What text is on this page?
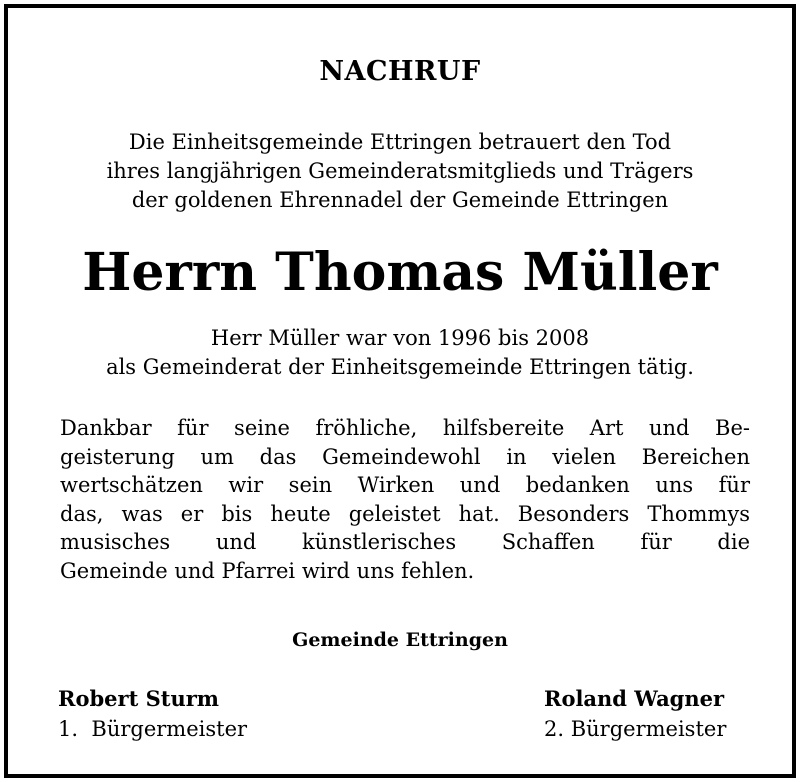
NACHRUF
Die Einheitsgemeinde Ettringen betrauert den Tod
ihres langjährigen Gemeinderatsmitglieds und Trägers
der goldenen Ehrennadel der Gemeinde Ettringen
Herrn Thomas Müller
Herr Müller war von 1996 bis 2008
als Gemeinderat der Einheitsgemeinde Ettringen tätig.
Dankbar für seine fröhliche, hilfsbereite Art und Be-
geisterung um das Gemeindewohl in vielen Bereichen
wertschätzen wir sein Wirken und bedanken uns für
das, was er bis heute geleistet hat. Besonders Thommys
musisches und künstlerisches Schaffen für die
Gemeinde und Pfarrei wird uns fehlen.
Gemeinde Ettringen
Robert Sturm
1.  Bürgermeister
Roland Wagner
2. Bürgermeister
